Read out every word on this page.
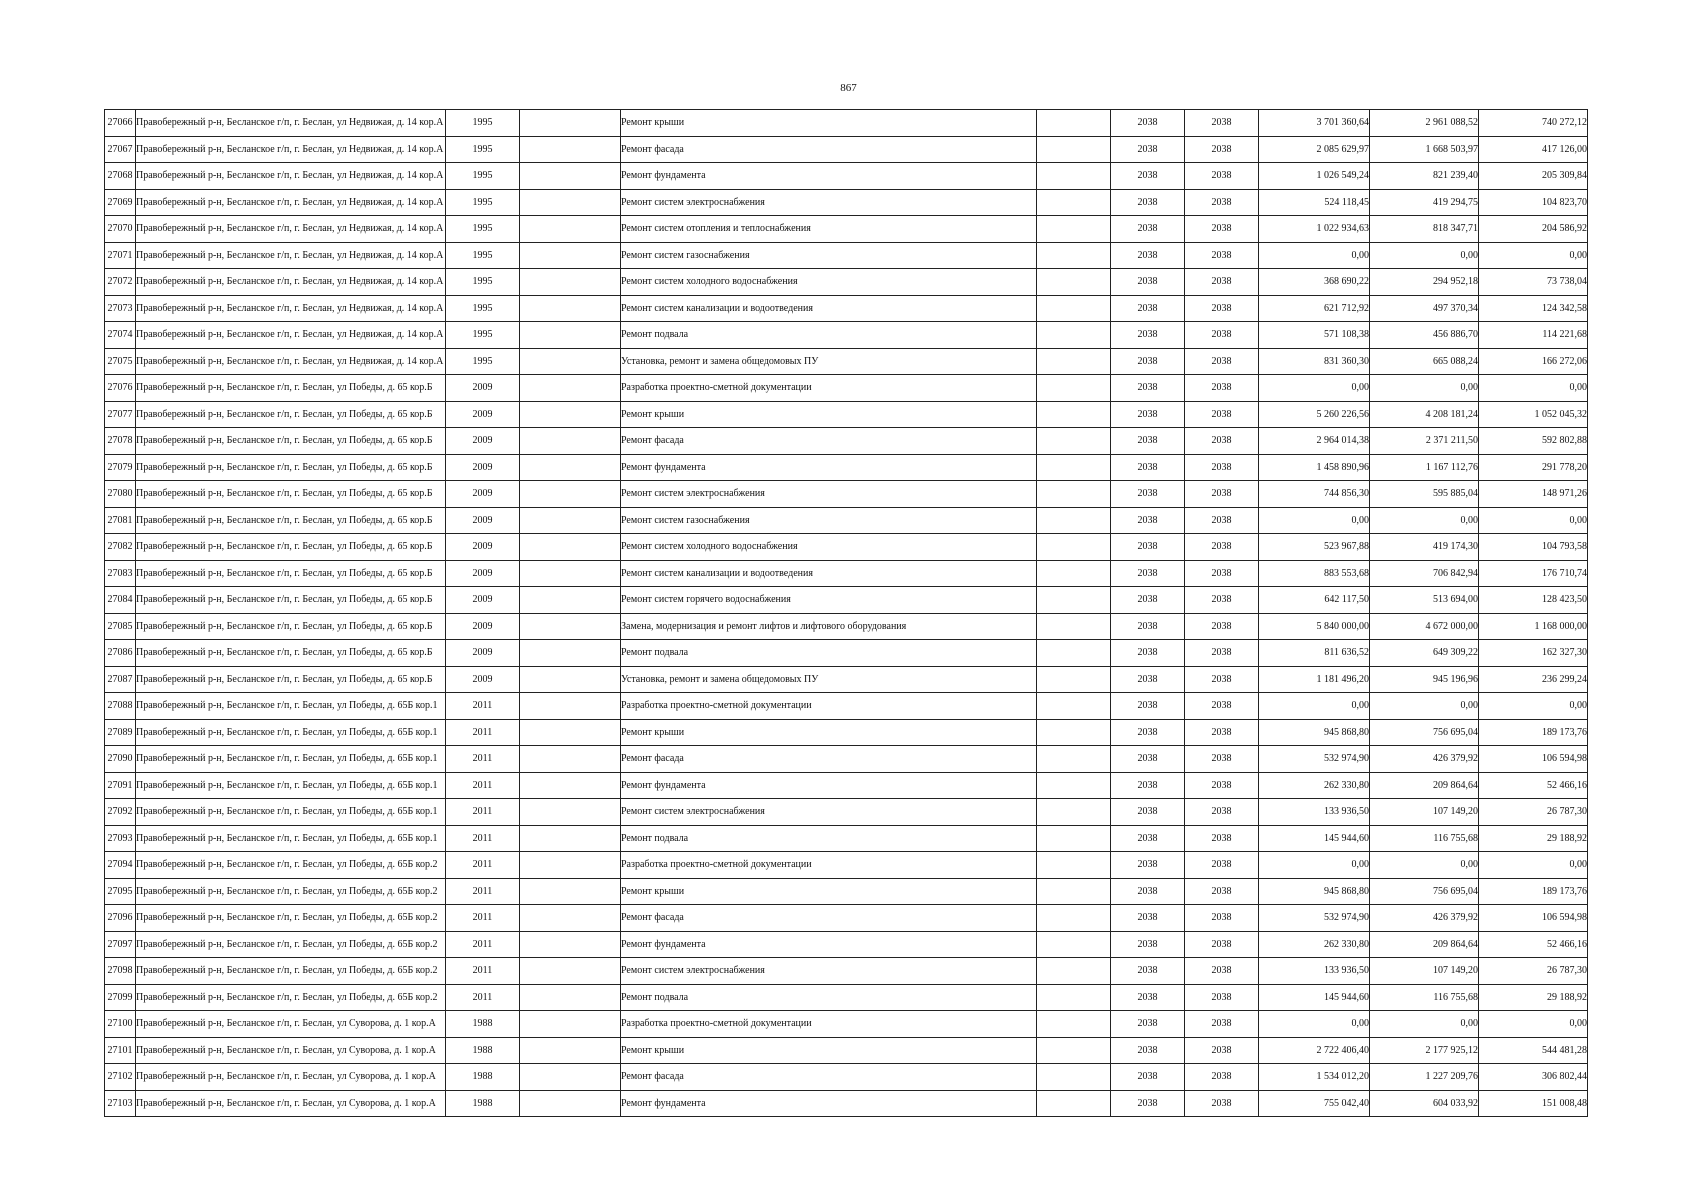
867
27066	Правобережный р-н, Бесланское г/п, г. Беслан, ул Недвижая, д. 14 кор.А	1995		Ремонт крыши		2038	2038	3 701 360,64	2 961 088,52	740 272,12
27067	Правобережный р-н, Бесланское г/п, г. Беслан, ул Недвижая, д. 14 кор.А	1995		Ремонт фасада		2038	2038	2 085 629,97	1 668 503,97	417 126,00
27068	Правобережный р-н, Бесланское г/п, г. Беслан, ул Недвижая, д. 14 кор.А	1995		Ремонт фундамента		2038	2038	1 026 549,24	821 239,40	205 309,84
27069	Правобережный р-н, Бесланское г/п, г. Беслан, ул Недвижая, д. 14 кор.А	1995		Ремонт систем электроснабжения		2038	2038	524 118,45	419 294,75	104 823,70
27070	Правобережный р-н, Бесланское г/п, г. Беслан, ул Недвижая, д. 14 кор.А	1995		Ремонт систем отопления и теплоснабжения		2038	2038	1 022 934,63	818 347,71	204 586,92
27071	Правобережный р-н, Бесланское г/п, г. Беслан, ул Недвижая, д. 14 кор.А	1995		Ремонт систем газоснабжения		2038	2038	0,00	0,00	0,00
27072	Правобережный р-н, Бесланское г/п, г. Беслан, ул Недвижая, д. 14 кор.А	1995		Ремонт систем холодного водоснабжения		2038	2038	368 690,22	294 952,18	73 738,04
27073	Правобережный р-н, Бесланское г/п, г. Беслан, ул Недвижая, д. 14 кор.А	1995		Ремонт систем канализации и водоотведения		2038	2038	621 712,92	497 370,34	124 342,58
27074	Правобережный р-н, Бесланское г/п, г. Беслан, ул Недвижая, д. 14 кор.А	1995		Ремонт подвала		2038	2038	571 108,38	456 886,70	114 221,68
27075	Правобережный р-н, Бесланское г/п, г. Беслан, ул Недвижая, д. 14 кор.А	1995		Установка, ремонт и замена общедомовых ПУ		2038	2038	831 360,30	665 088,24	166 272,06
27076	Правобережный р-н, Бесланское г/п, г. Беслан, ул Победы, д. 65 кор.Б	2009		Разработка проектно-сметной документации		2038	2038	0,00	0,00	0,00
27077	Правобережный р-н, Бесланское г/п, г. Беслан, ул Победы, д. 65 кор.Б	2009		Ремонт крыши		2038	2038	5 260 226,56	4 208 181,24	1 052 045,32
27078	Правобережный р-н, Бесланское г/п, г. Беслан, ул Победы, д. 65 кор.Б	2009		Ремонт фасада		2038	2038	2 964 014,38	2 371 211,50	592 802,88
27079	Правобережный р-н, Бесланское г/п, г. Беслан, ул Победы, д. 65 кор.Б	2009		Ремонт фундамента		2038	2038	1 458 890,96	1 167 112,76	291 778,20
27080	Правобережный р-н, Бесланское г/п, г. Беслан, ул Победы, д. 65 кор.Б	2009		Ремонт систем электроснабжения		2038	2038	744 856,30	595 885,04	148 971,26
27081	Правобережный р-н, Бесланское г/п, г. Беслан, ул Победы, д. 65 кор.Б	2009		Ремонт систем газоснабжения		2038	2038	0,00	0,00	0,00
27082	Правобережный р-н, Бесланское г/п, г. Беслан, ул Победы, д. 65 кор.Б	2009		Ремонт систем холодного водоснабжения		2038	2038	523 967,88	419 174,30	104 793,58
27083	Правобережный р-н, Бесланское г/п, г. Беслан, ул Победы, д. 65 кор.Б	2009		Ремонт систем канализации и водоотведения		2038	2038	883 553,68	706 842,94	176 710,74
27084	Правобережный р-н, Бесланское г/п, г. Беслан, ул Победы, д. 65 кор.Б	2009		Ремонт систем горячего водоснабжения		2038	2038	642 117,50	513 694,00	128 423,50
27085	Правобережный р-н, Бесланское г/п, г. Беслан, ул Победы, д. 65 кор.Б	2009		Замена, модернизация и ремонт лифтов и лифтового оборудования		2038	2038	5 840 000,00	4 672 000,00	1 168 000,00
27086	Правобережный р-н, Бесланское г/п, г. Беслан, ул Победы, д. 65 кор.Б	2009		Ремонт подвала		2038	2038	811 636,52	649 309,22	162 327,30
27087	Правобережный р-н, Бесланское г/п, г. Беслан, ул Победы, д. 65 кор.Б	2009		Установка, ремонт и замена общедомовых ПУ		2038	2038	1 181 496,20	945 196,96	236 299,24
27088	Правобережный р-н, Бесланское г/п, г. Беслан, ул Победы, д. 65Б кор.1	2011		Разработка проектно-сметной документации		2038	2038	0,00	0,00	0,00
27089	Правобережный р-н, Бесланское г/п, г. Беслан, ул Победы, д. 65Б кор.1	2011		Ремонт крыши		2038	2038	945 868,80	756 695,04	189 173,76
27090	Правобережный р-н, Бесланское г/п, г. Беслан, ул Победы, д. 65Б кор.1	2011		Ремонт фасада		2038	2038	532 974,90	426 379,92	106 594,98
27091	Правобережный р-н, Бесланское г/п, г. Беслан, ул Победы, д. 65Б кор.1	2011		Ремонт фундамента		2038	2038	262 330,80	209 864,64	52 466,16
27092	Правобережный р-н, Бесланское г/п, г. Беслан, ул Победы, д. 65Б кор.1	2011		Ремонт систем электроснабжения		2038	2038	133 936,50	107 149,20	26 787,30
27093	Правобережный р-н, Бесланское г/п, г. Беслан, ул Победы, д. 65Б кор.1	2011		Ремонт подвала		2038	2038	145 944,60	116 755,68	29 188,92
27094	Правобережный р-н, Бесланское г/п, г. Беслан, ул Победы, д. 65Б кор.2	2011		Разработка проектно-сметной документации		2038	2038	0,00	0,00	0,00
27095	Правобережный р-н, Бесланское г/п, г. Беслан, ул Победы, д. 65Б кор.2	2011		Ремонт крыши		2038	2038	945 868,80	756 695,04	189 173,76
27096	Правобережный р-н, Бесланское г/п, г. Беслан, ул Победы, д. 65Б кор.2	2011		Ремонт фасада		2038	2038	532 974,90	426 379,92	106 594,98
27097	Правобережный р-н, Бесланское г/п, г. Беслан, ул Победы, д. 65Б кор.2	2011		Ремонт фундамента		2038	2038	262 330,80	209 864,64	52 466,16
27098	Правобережный р-н, Бесланское г/п, г. Беслан, ул Победы, д. 65Б кор.2	2011		Ремонт систем электроснабжения		2038	2038	133 936,50	107 149,20	26 787,30
27099	Правобережный р-н, Бесланское г/п, г. Беслан, ул Победы, д. 65Б кор.2	2011		Ремонт подвала		2038	2038	145 944,60	116 755,68	29 188,92
27100	Правобережный р-н, Бесланское г/п, г. Беслан, ул Суворова, д. 1 кор.А	1988		Разработка проектно-сметной документации		2038	2038	0,00	0,00	0,00
27101	Правобережный р-н, Бесланское г/п, г. Беслан, ул Суворова, д. 1 кор.А	1988		Ремонт крыши		2038	2038	2 722 406,40	2 177 925,12	544 481,28
27102	Правобережный р-н, Бесланское г/п, г. Беслан, ул Суворова, д. 1 кор.А	1988		Ремонт фасада		2038	2038	1 534 012,20	1 227 209,76	306 802,44
27103	Правобережный р-н, Бесланское г/п, г. Беслан, ул Суворова, д. 1 кор.А	1988		Ремонт фундамента		2038	2038	755 042,40	604 033,92	151 008,48
